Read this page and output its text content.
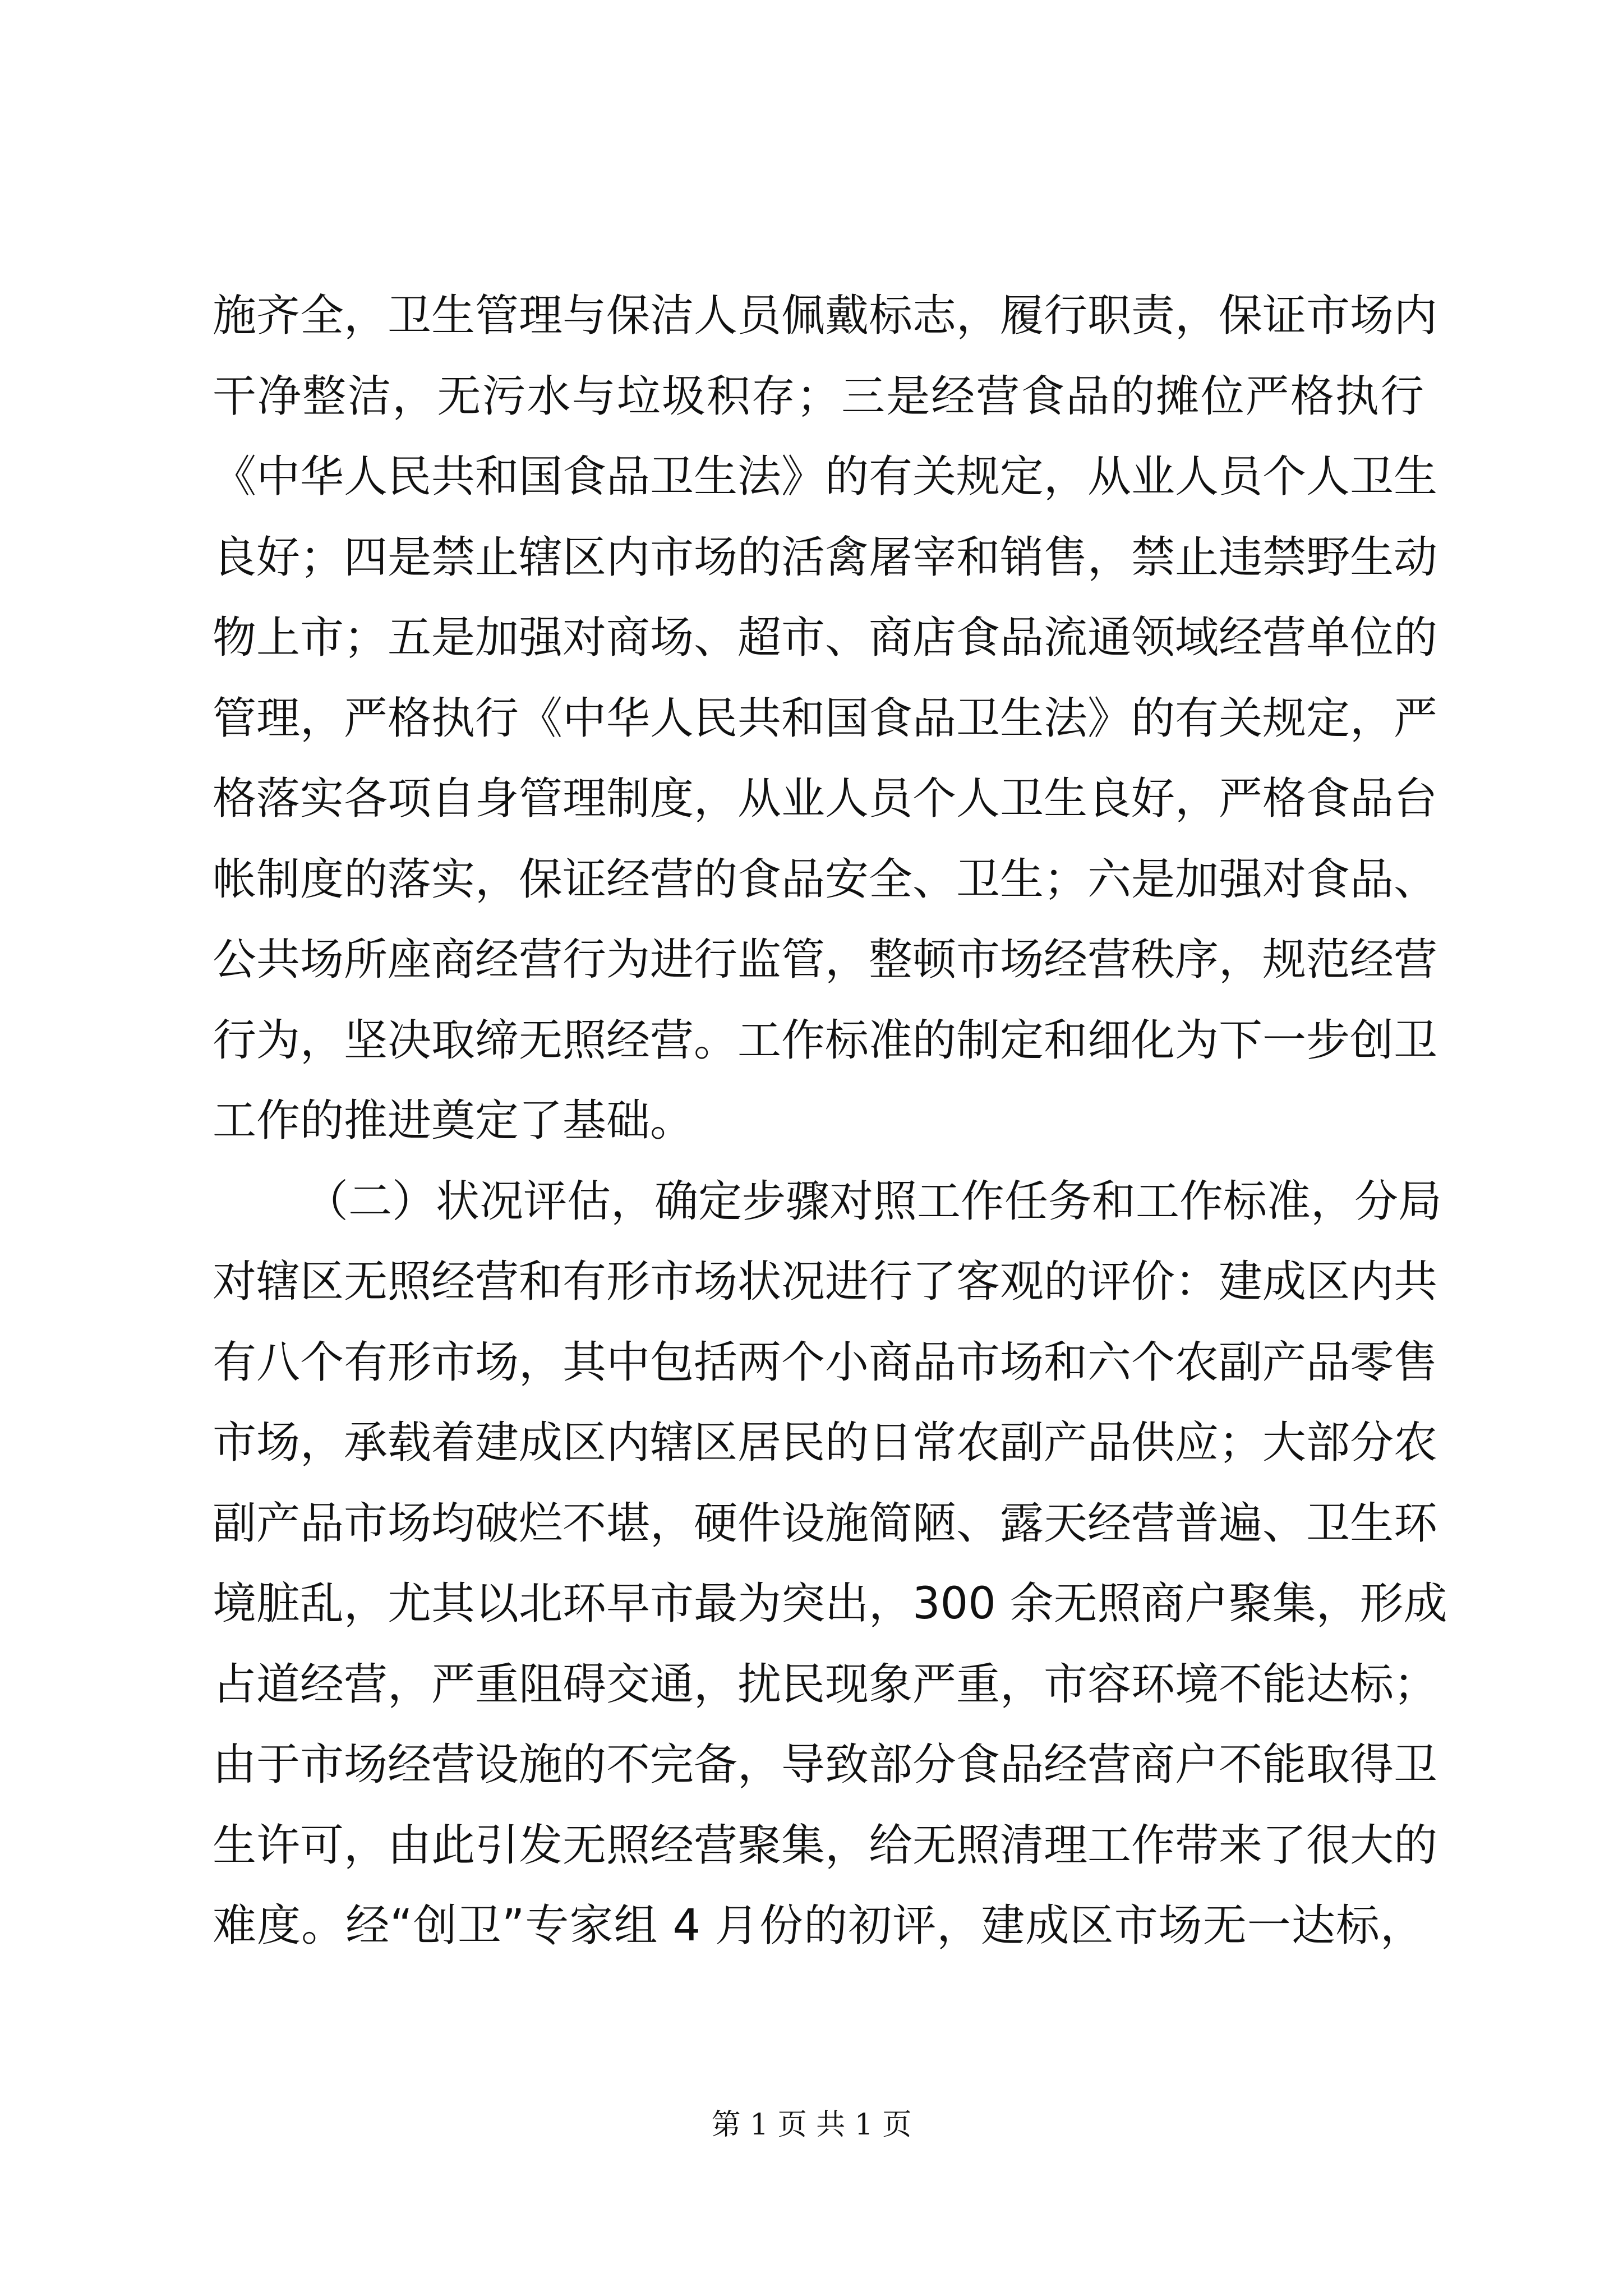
施齐全，卫生管理与保洁人员佩戴标志，履行职责，保证市场内
干净整洁，无污水与垃圾积存；三是经营食品的摊位严格执行
《中华人民共和国食品卫生法》的有关规定，从业人员个人卫生
良好；四是禁止辖区内市场的活禽屠宰和销售，禁止违禁野生动
物上市；五是加强对商场、超市、商店食品流通领域经营单位的
管理，严格执行《中华人民共和国食品卫生法》的有关规定，严
格落实各项自身管理制度，从业人员个人卫生良好，严格食品台
帐制度的落实，保证经营的食品安全、卫生；六是加强对食品、
公共场所座商经营行为进行监管，整顿市场经营秩序，规范经营
行为，坚决取缔无照经营。工作标准的制定和细化为下一步创卫
工作的推进奠定了基础。
（二）状况评估，确定步骤对照工作任务和工作标准，分局
对辖区无照经营和有形市场状况进行了客观的评价：建成区内共
有八个有形市场，其中包括两个小商品市场和六个农副产品零售
市场，承载着建成区内辖区居民的日常农副产品供应；大部分农
副产品市场均破烂不堪，硬件设施简陋、露天经营普遍、卫生环
境脏乱，尤其以北环早市最为突出，300 余无照商户聚集，形成
占道经营，严重阻碍交通，扰民现象严重，市容环境不能达标；
由于市场经营设施的不完备，导致部分食品经营商户不能取得卫
生许可，由此引发无照经营聚集，给无照清理工作带来了很大的
难度。经“创卫”专家组 4 月份的初评，建成区市场无一达标，
第 1 页 共 1 页
